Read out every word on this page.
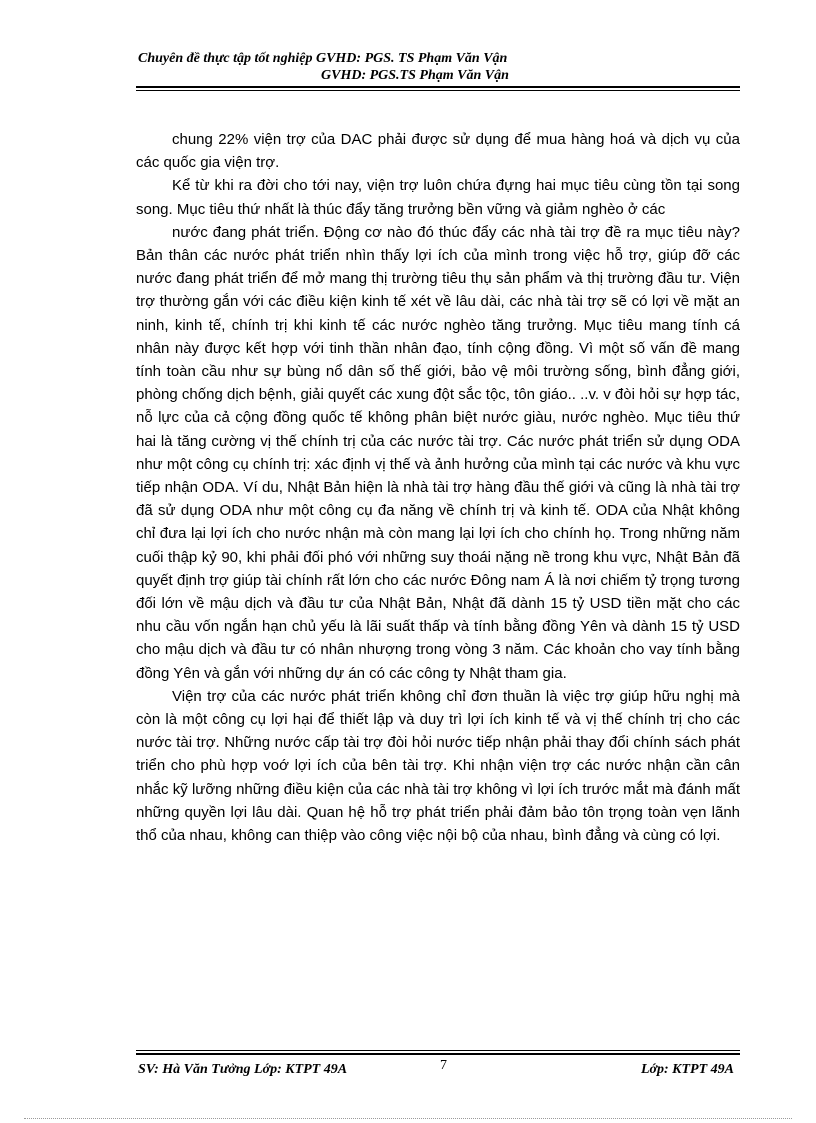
Chuyên đề thực tập tốt nghiệp GVHD: PGS. TS Phạm Văn Vận
GVHD: PGS.TS Phạm Văn Vận

chung 22% viện trợ của DAC phải được sử dụng để mua hàng hoá và dịch vụ của các quốc gia viện trợ.

Kể từ khi ra đời cho tới nay, viện trợ luôn chứa đựng hai mục tiêu cùng tồn tại song song. Mục tiêu thứ nhất là thúc đẩy tăng trưởng bền vững và giảm nghèo ở các

nước đang phát triển. Động cơ nào đó thúc đẩy các nhà tài trợ đề ra mục tiêu này? Bản thân các nước phát triển nhìn thấy lợi ích của mình trong việc hỗ trợ, giúp đỡ các nước đang phát triển để mở mang thị trường tiêu thụ sản phẩm và thị trường đầu tư. Viện trợ thường gắn với các điều kiện kinh tế xét về lâu dài, các nhà tài trợ sẽ có lợi về mặt an ninh, kinh tế, chính trị khi kinh tế các nước nghèo tăng trưởng. Mục tiêu mang tính cá nhân này được kết hợp với tinh thần nhân đạo, tính cộng đồng. Vì một số vấn đề mang tính toàn cầu như sự bùng nổ dân số thế giới, bảo vệ môi trường sống, bình đẳng giới, phòng chống dịch bệnh, giải quyết các xung đột sắc tộc, tôn giáo.. ..v. v đòi hỏi sự hợp tác, nỗ lực của cả cộng đồng quốc tế không phân biệt nước giàu, nước nghèo. Mục tiêu thứ hai là tăng cường vị thế chính trị của các nước tài trợ. Các nước phát triển sử dụng ODA như một công cụ chính trị: xác định vị thế và ảnh hưởng của mình tại các nước và khu vực tiếp nhận ODA. Ví du, Nhật Bản hiện là nhà tài trợ hàng đầu thế giới và cũng là nhà tài trợ đã sử dụng ODA như một công cụ đa năng về chính trị và kinh tế. ODA của Nhật không chỉ đưa lại lợi ích cho nước nhận mà còn mang lại lợi ích cho chính họ. Trong những năm cuối thập kỷ 90, khi phải đối phó với những suy thoái nặng nề trong khu vực, Nhật Bản đã quyết định trợ giúp tài chính rất lớn cho các nước Đông nam Á là nơi chiếm tỷ trọng tương đối lớn về mậu dịch và đầu tư của Nhật Bản, Nhật đã dành 15 tỷ USD tiền mặt cho các nhu cầu vốn ngắn hạn chủ yếu là lãi suất thấp và tính bằng đồng Yên và dành 15 tỷ USD cho mậu dịch và đầu tư có nhân nhượng trong vòng 3 năm. Các khoản cho vay tính bằng đồng Yên và gắn với những dự án có các công ty Nhật tham gia.

Viện trợ của các nước phát triển không chỉ đơn thuần là việc trợ giúp hữu nghị mà còn là một công cụ lợi hại để thiết lập và duy trì lợi ích kinh tế và vị thế chính trị cho các nước tài trợ. Những nước cấp tài trợ đòi hỏi nước tiếp nhận phải thay đổi chính sách phát triển cho phù hợp voớ lợi ích của bên tài trợ. Khi nhận viện trợ các nước nhận cần cân nhắc kỹ lưỡng những điều kiện của các nhà tài trợ không vì lợi ích trước mắt mà đánh mất những quyền lợi lâu dài. Quan hệ hỗ trợ phát triển phải đảm bảo tôn trọng toàn vẹn lãnh thổ của nhau, không can thiệp vào công việc nội bộ của nhau, bình đẳng và cùng có lợi.

SV: Hà Văn Tưởng Lớp: KTPT 49A	7	Lớp: KTPT 49A
